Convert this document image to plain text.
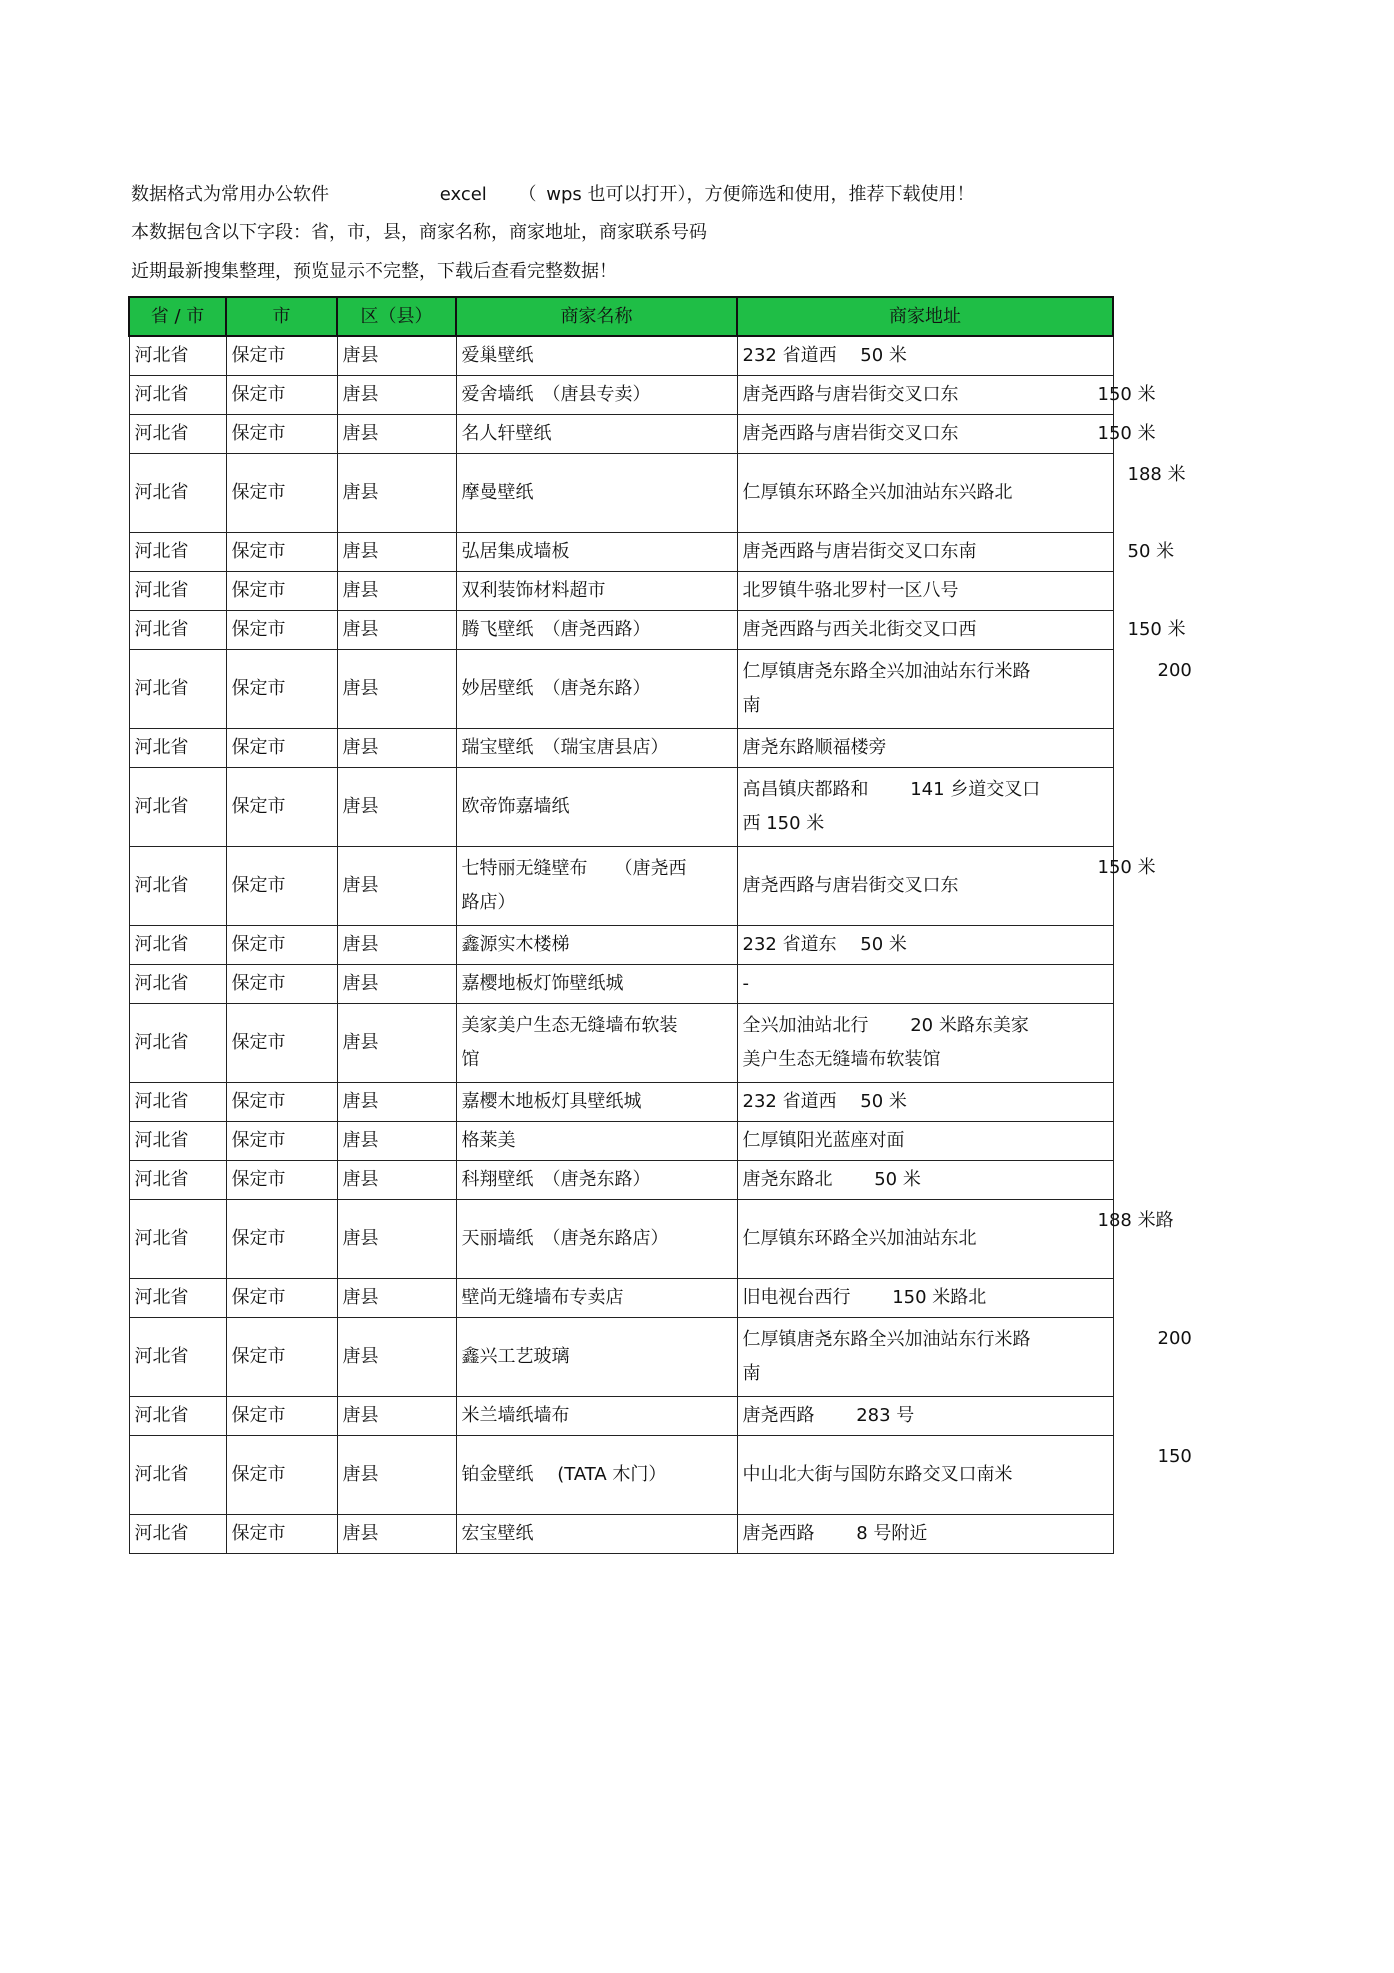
数据格式为常用办公软件	excel （ wps 也可以打开），方便筛选和使用，推荐下载使用！
本数据包含以下字段：省，市，县，商家名称，商家地址，商家联系号码
近期最新搜集整理，预览显示不完整，下载后查看完整数据！
省 / 市	市	区（县）	商家名称	商家地址
河北省	保定市	唐县	爱巢壁纸	232 省道西　 50 米
河北省	保定市	唐县	爱舍墙纸　（唐县专卖）	唐尧西路与唐岩街交叉口东 150 米

河北省	保定市	唐县	名人轩壁纸	唐尧西路与唐岩街交叉口东 150 米

河北省	保定市	唐县	摩曼壁纸	仁厚镇东环路全兴加油站东兴路北
188 米

河北省	保定市	唐县	弘居集成墙板	唐尧西路与唐岩街交叉口东南 50 米

河北省	保定市	唐县	双利装饰材料超市	北罗镇牛骆北罗村一区八号
河北省	保定市	唐县	腾飞壁纸　（唐尧西路）	唐尧西路与西关北街交叉口西 150 米

河北省	保定市	唐县	妙居壁纸　（唐尧东路）	仁厚镇唐尧东路全兴加油站东行米路南
200

河北省	保定市	唐县	瑞宝壁纸　（瑞宝唐县店）	唐尧东路顺福楼旁
河北省	保定市	唐县	欧帝饰嘉墙纸	高昌镇庆都路和　　 141 乡道交叉口西 150 米

河北省	保定市	唐县	七特丽无缝壁布　　（唐尧西路店）	唐尧西路与唐岩街交叉口东
150 米

河北省	保定市	唐县	鑫源实木楼梯	232 省道东　 50 米
河北省	保定市	唐县	嘉樱地板灯饰壁纸城	-
河北省	保定市	唐县	美家美户生态无缝墙布软装馆	全兴加油站北行　　 20 米路东美家美户生态无缝墙布软装馆

河北省	保定市	唐县	嘉樱木地板灯具壁纸城	232 省道西　 50 米
河北省	保定市	唐县	格莱美	仁厚镇阳光蓝座对面
河北省	保定市	唐县	科翔壁纸　（唐尧东路）	唐尧东路北　　 50 米
河北省	保定市	唐县	天丽墙纸　（唐尧东路店）	仁厚镇东环路全兴加油站东北
188 米路

河北省	保定市	唐县	壁尚无缝墙布专卖店	旧电视台西行　　 150 米路北
河北省	保定市	唐县	鑫兴工艺玻璃	仁厚镇唐尧东路全兴加油站东行米路南
200

河北省	保定市	唐县	米兰墙纸墙布	唐尧西路　　 283 号
河北省	保定市	唐县	铂金壁纸　 (TATA 木门）	中山北大街与国防东路交叉口南米
150

河北省	保定市	唐县	宏宝壁纸	唐尧西路　　 8 号附近
